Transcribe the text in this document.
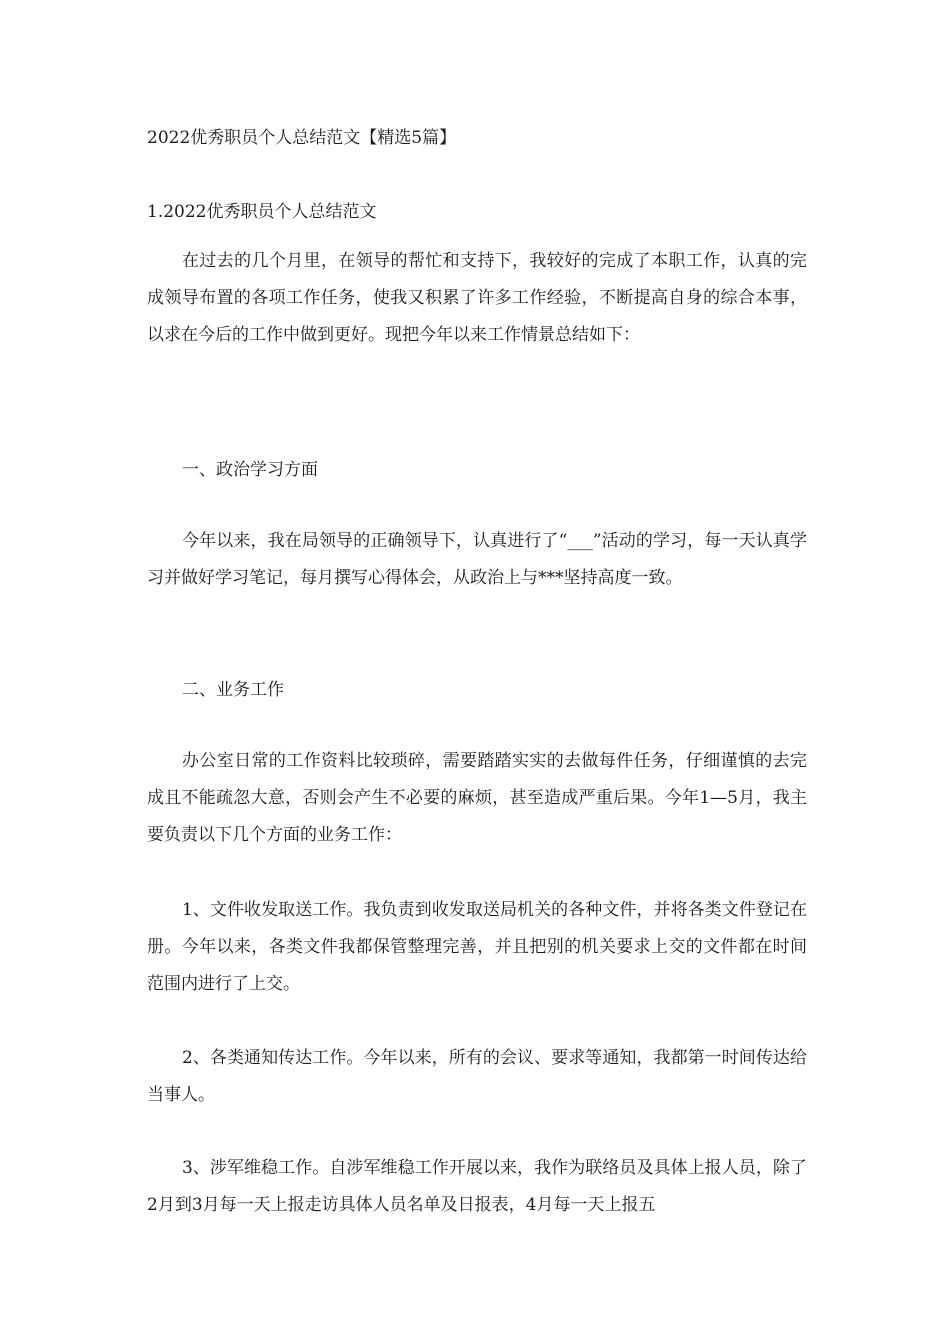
2022优秀职员个人总结范文【精选5篇】
1.2022优秀职员个人总结范文

在过去的几个月里，在领导的帮忙和支持下，我较好的完成了本职工作，认真的完成领导布置的各项工作任务，使我又积累了许多工作经验，不断提高自身的综合本事，以求在今后的工作中做到更好。现把今年以来工作情景总结如下：

一、政治学习方面

今年以来，我在局领导的正确领导下，认真进行了“___”活动的学习，每一天认真学习并做好学习笔记，每月撰写心得体会，从政治上与***坚持高度一致。

二、业务工作

办公室日常的工作资料比较琐碎，需要踏踏实实的去做每件任务，仔细谨慎的去完成且不能疏忽大意，否则会产生不必要的麻烦，甚至造成严重后果。今年1—5月，我主要负责以下几个方面的业务工作：

1、文件收发取送工作。我负责到收发取送局机关的各种文件，并将各类文件登记在册。今年以来，各类文件我都保管整理完善，并且把别的机关要求上交的文件都在时间范围内进行了上交。

2、各类通知传达工作。今年以来，所有的会议、要求等通知，我都第一时间传达给当事人。

3、涉军维稳工作。自涉军维稳工作开展以来，我作为联络员及具体上报人员，除了2月到3月每一天上报走访具体人员名单及日报表，4月每一天上报五
